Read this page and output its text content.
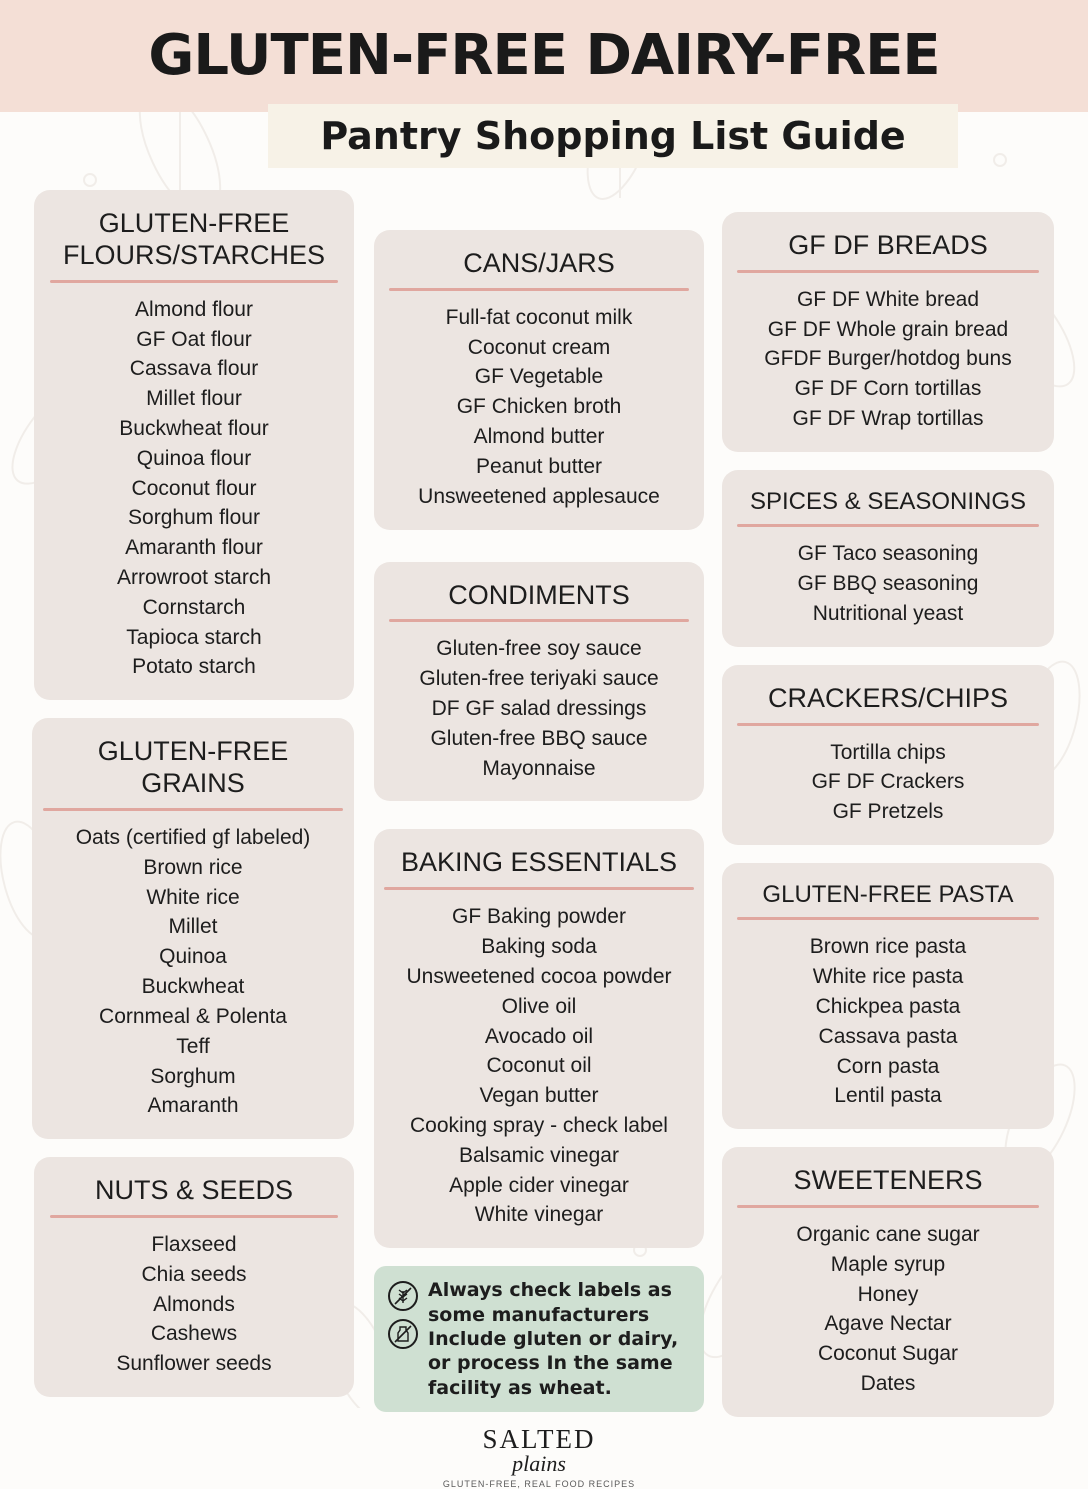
GLUTEN-FREE DAIRY-FREE
Pantry Shopping List Guide
GLUTEN-FREE FLOURS/STARCHES
Almond flour
GF Oat flour
Cassava flour
Millet flour
Buckwheat flour
Quinoa flour
Coconut flour
Sorghum flour
Amaranth flour
Arrowroot starch
Cornstarch
Tapioca starch
Potato starch
GLUTEN-FREE GRAINS
Oats (certified gf labeled)
Brown rice
White rice
Millet
Quinoa
Buckwheat
Cornmeal & Polenta
Teff
Sorghum
Amaranth
NUTS & SEEDS
Flaxseed
Chia seeds
Almonds
Cashews
Sunflower seeds
CANS/JARS
Full-fat coconut milk
Coconut cream
GF Vegetable
GF Chicken broth
Almond butter
Peanut butter
Unsweetened applesauce
CONDIMENTS
Gluten-free soy sauce
Gluten-free teriyaki sauce
DF GF salad dressings
Gluten-free BBQ sauce
Mayonnaise
BAKING ESSENTIALS
GF Baking powder
Baking soda
Unsweetened cocoa powder
Olive oil
Avocado oil
Coconut oil
Vegan butter
Cooking spray - check label
Balsamic vinegar
Apple cider vinegar
White vinegar
Always check labels as some manufacturers Include gluten or dairy, or process In the same facility as wheat.
SALTED
plains
GLUTEN-FREE, REAL FOOD RECIPES
GF DF BREADS
GF DF White bread
GF DF Whole grain bread
GFDF Burger/hotdog buns
GF DF Corn tortillas
GF DF Wrap tortillas
SPICES & SEASONINGS
GF Taco seasoning
GF BBQ seasoning
Nutritional yeast
CRACKERS/CHIPS
Tortilla chips
GF DF Crackers
GF Pretzels
GLUTEN-FREE PASTA
Brown rice pasta
White rice pasta
Chickpea pasta
Cassava pasta
Corn pasta
Lentil pasta
SWEETENERS
Organic cane sugar
Maple syrup
Honey
Agave Nectar
Coconut Sugar
Dates
